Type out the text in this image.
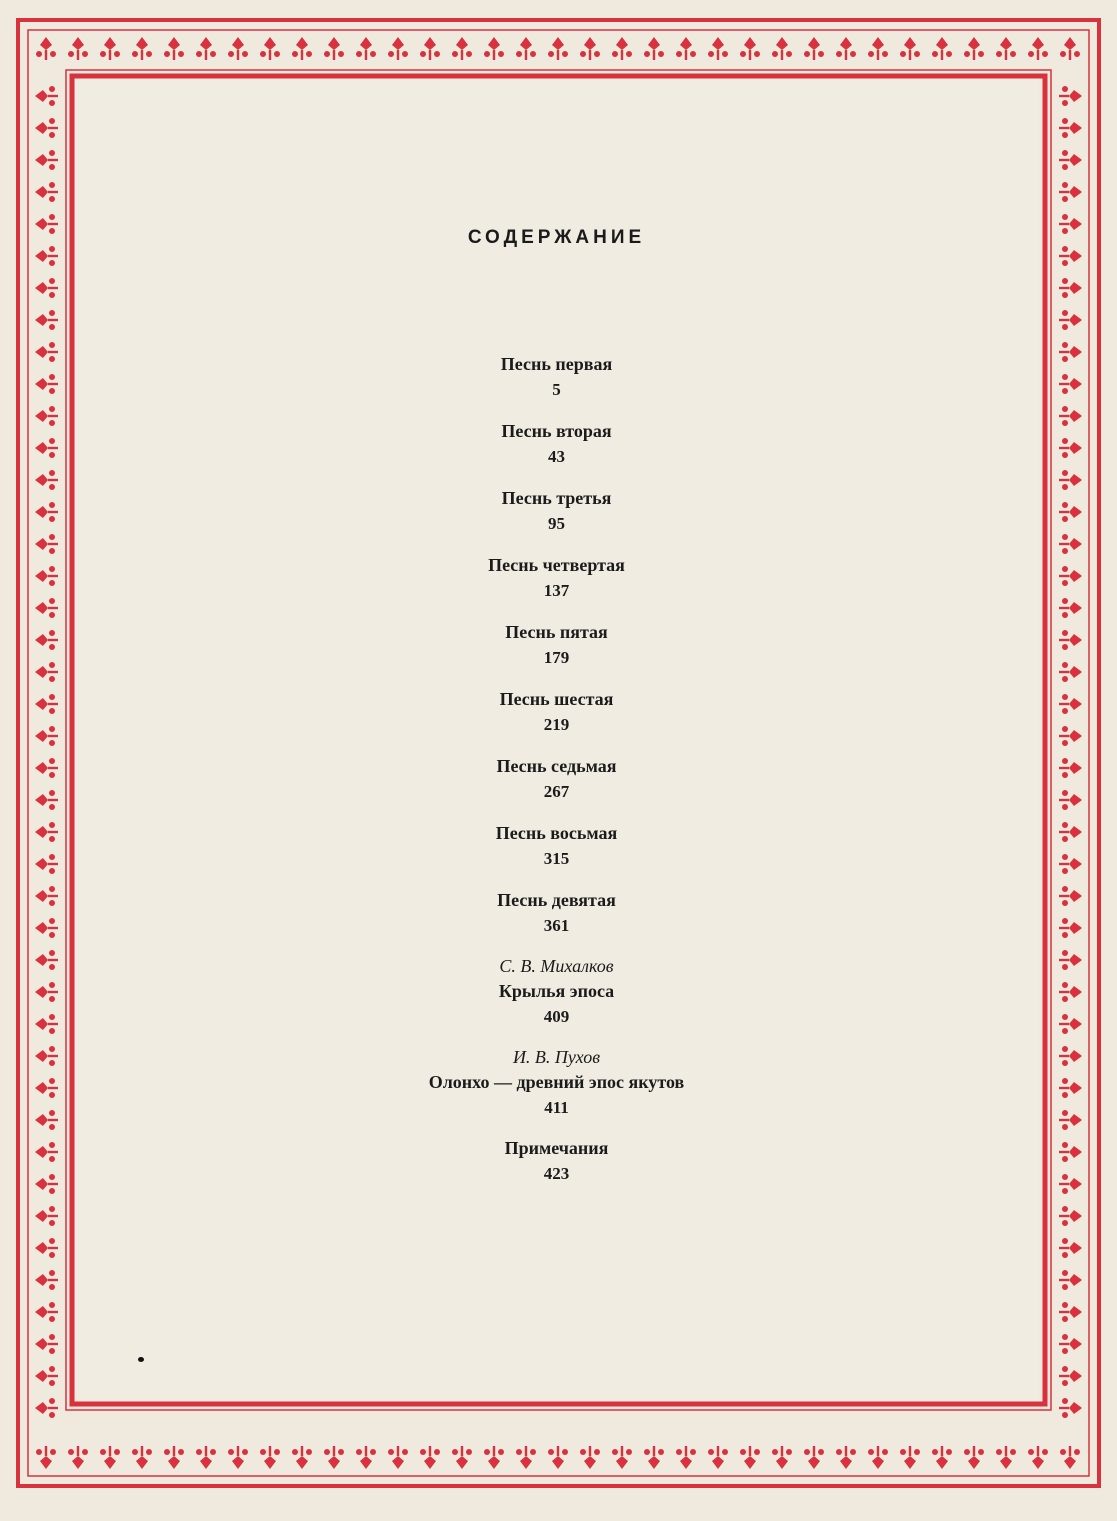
СОДЕРЖАНИЕ
Песнь первая
5
Песнь вторая
43
Песнь третья
95
Песнь четвертая
137
Песнь пятая
179
Песнь шестая
219
Песнь седьмая
267
Песнь восьмая
315
Песнь девятая
361
С. В. Михалков
Крылья эпоса
409
И. В. Пухов
Олонхо — древний эпос якутов
411
Примечания
423
